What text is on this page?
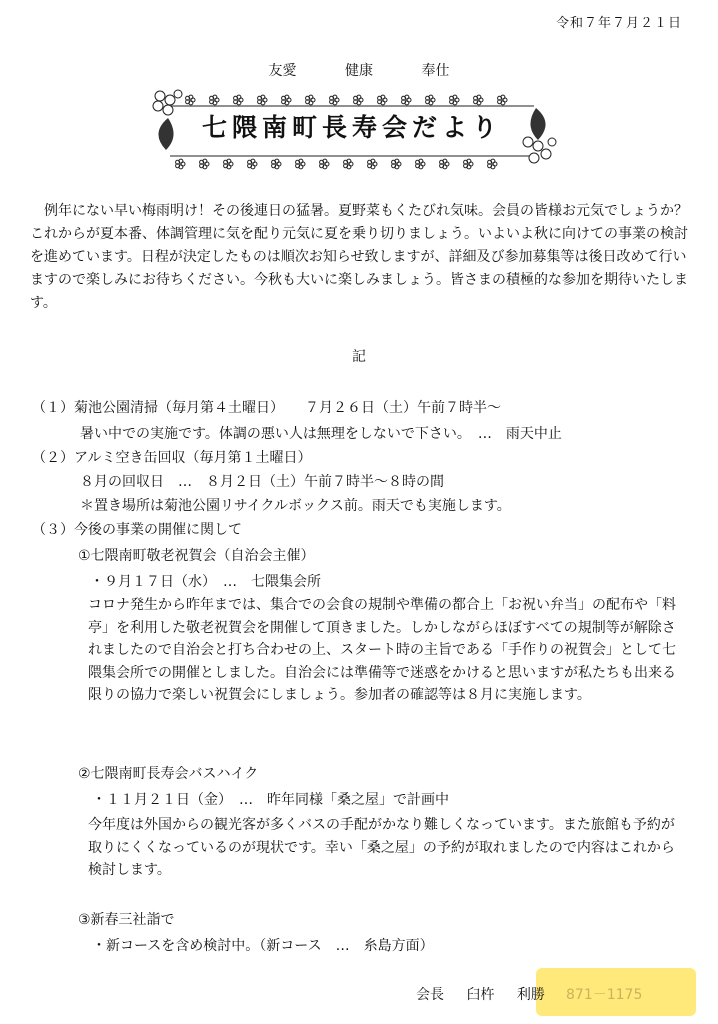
令和７年７月２１日
友愛	健康	奉仕
七隈南町長寿会だより

例年にない早い梅雨明け！その後連日の猛暑。夏野菜もくたびれ気味。会員の皆様お元気でしょうか？これからが夏本番、体調管理に気を配り元気に夏を乗り切りましょう。いよいよ秋に向けての事業の検討を進めています。日程が決定したものは順次お知らせ致しますが、詳細及び参加募集等は後日改めて行いますので楽しみにお待ちください。今秋も大いに楽しみましょう。皆さまの積極的な参加を期待いたします。

記
（１）菊池公園清掃（毎月第４土曜日）　　７月２６日（土）午前７時半～
暑い中での実施です。体調の悪い人は無理をしないで下さい。　…　雨天中止
（２）アルミ空き缶回収（毎月第１土曜日）
８月の回収日　…　８月２日（土）午前７時半～８時の間
＊置き場所は菊池公園リサイクルボックス前。雨天でも実施します。
（３）今後の事業の開催に関して
①七隈南町敬老祝賀会（自治会主催）
・９月１７日（水）　…　七隈集会所
コロナ発生から昨年までは、集合での会食の規制や準備の都合上「お祝い弁当」の配布や「料亭」を利用した敬老祝賀会を開催して頂きました。しかしながらほぼすべての規制等が解除されましたので自治会と打ち合わせの上、スタート時の主旨である「手作りの祝賀会」として七隈集会所での開催としました。自治会には準備等で迷惑をかけると思いますが私たちも出来る限りの協力で楽しい祝賀会にしましょう。参加者の確認等は８月に実施します。
②七隈南町長寿会バスハイク
・１１月２１日（金）　…　昨年同様「桑之屋」で計画中
今年度は外国からの観光客が多くバスの手配がかなり難しくなっています。また旅館も予約が取りにくくなっているのが現状です。幸い「桑之屋」の予約が取れましたので内容はこれから検討します。
③新春三社詣で
・新コースを含め検討中。（新コース　…　糸島方面）
会長 臼杵 利勝	871－1175
